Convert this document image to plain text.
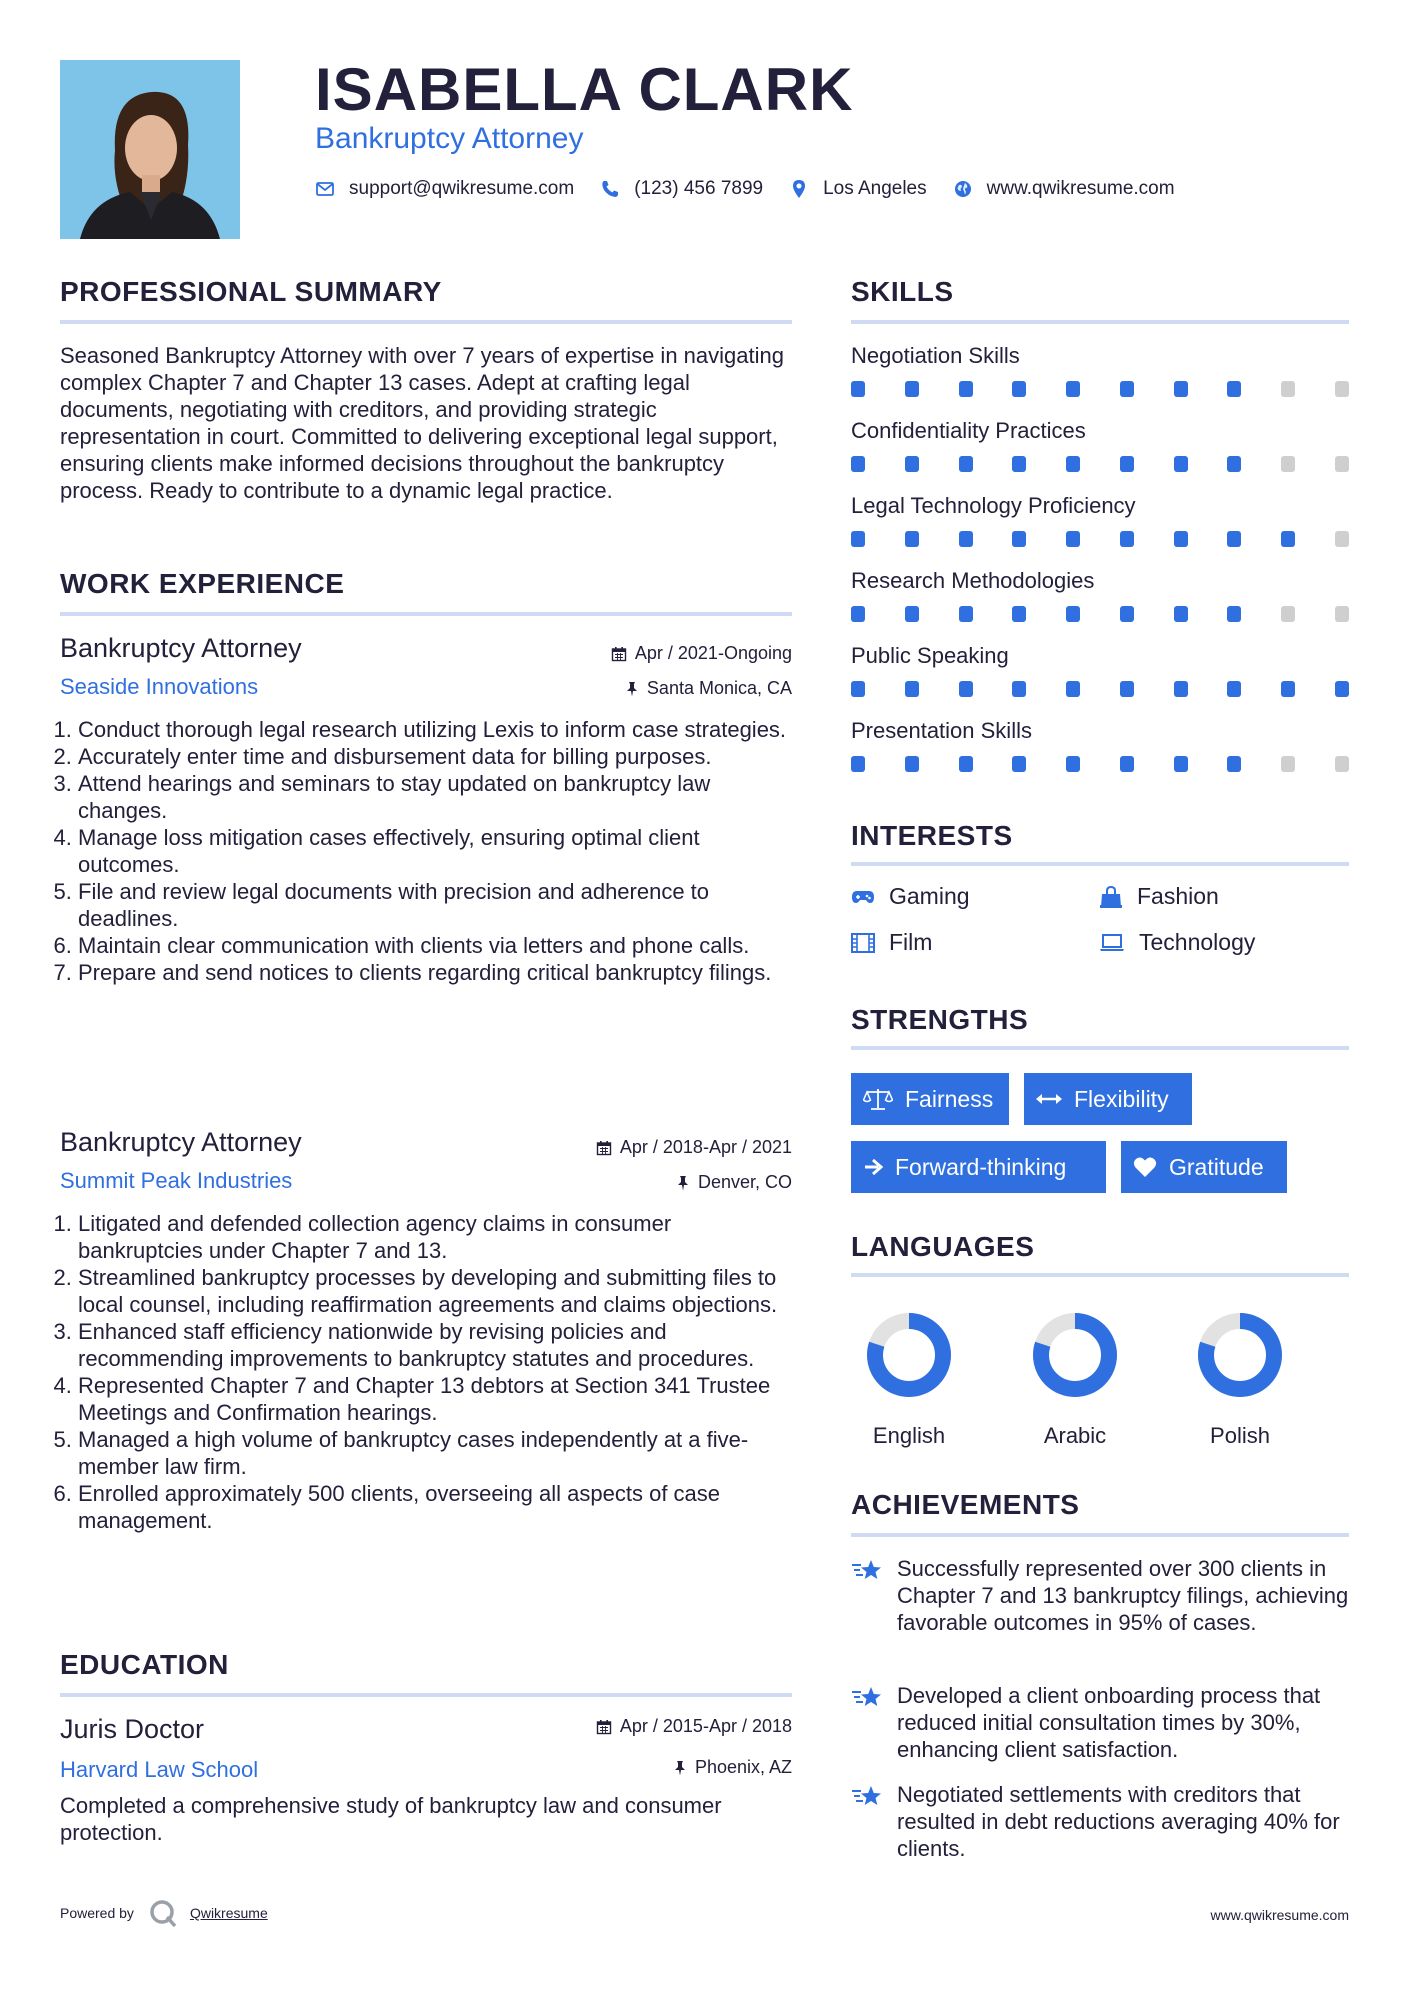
ISABELLA CLARK
Bankruptcy Attorney
support@qwikresume.com	(123) 456 7899	Los Angeles	www.qwikresume.com
PROFESSIONAL SUMMARY
Seasoned Bankruptcy Attorney with over 7 years of expertise in navigating complex Chapter 7 and Chapter 13 cases. Adept at crafting legal documents, negotiating with creditors, and providing strategic representation in court. Committed to delivering exceptional legal support, ensuring clients make informed decisions throughout the bankruptcy process. Ready to contribute to a dynamic legal practice.
WORK EXPERIENCE
Bankruptcy Attorney
Seaside Innovations
Apr / 2021-Ongoing
Santa Monica, CA
1. Conduct thorough legal research utilizing Lexis to inform case strategies.
2. Accurately enter time and disbursement data for billing purposes.
3. Attend hearings and seminars to stay updated on bankruptcy law changes.
4. Manage loss mitigation cases effectively, ensuring optimal client outcomes.
5. File and review legal documents with precision and adherence to deadlines.
6. Maintain clear communication with clients via letters and phone calls.
7. Prepare and send notices to clients regarding critical bankruptcy filings.
Bankruptcy Attorney
Summit Peak Industries
Apr / 2018-Apr / 2021
Denver, CO
1. Litigated and defended collection agency claims in consumer bankruptcies under Chapter 7 and 13.
2. Streamlined bankruptcy processes by developing and submitting files to local counsel, including reaffirmation agreements and claims objections.
3. Enhanced staff efficiency nationwide by revising policies and recommending improvements to bankruptcy statutes and procedures.
4. Represented Chapter 7 and Chapter 13 debtors at Section 341 Trustee Meetings and Confirmation hearings.
5. Managed a high volume of bankruptcy cases independently at a five-member law firm.
6. Enrolled approximately 500 clients, overseeing all aspects of case management.
EDUCATION
Juris Doctor
Harvard Law School
Apr / 2015-Apr / 2018
Phoenix, AZ
Completed a comprehensive study of bankruptcy law and consumer protection.
SKILLS
Negotiation Skills
Confidentiality Practices
Legal Technology Proficiency
Research Methodologies
Public Speaking
Presentation Skills
INTERESTS
Gaming	Fashion
Film	Technology
STRENGTHS
Fairness	Flexibility
Forward-thinking	Gratitude
LANGUAGES
English	Arabic	Polish
ACHIEVEMENTS
Successfully represented over 300 clients in Chapter 7 and 13 bankruptcy filings, achieving favorable outcomes in 95% of cases.
Developed a client onboarding process that reduced initial consultation times by 30%, enhancing client satisfaction.
Negotiated settlements with creditors that resulted in debt reductions averaging 40% for clients.
Powered by	Qwikresume	www.qwikresume.com
